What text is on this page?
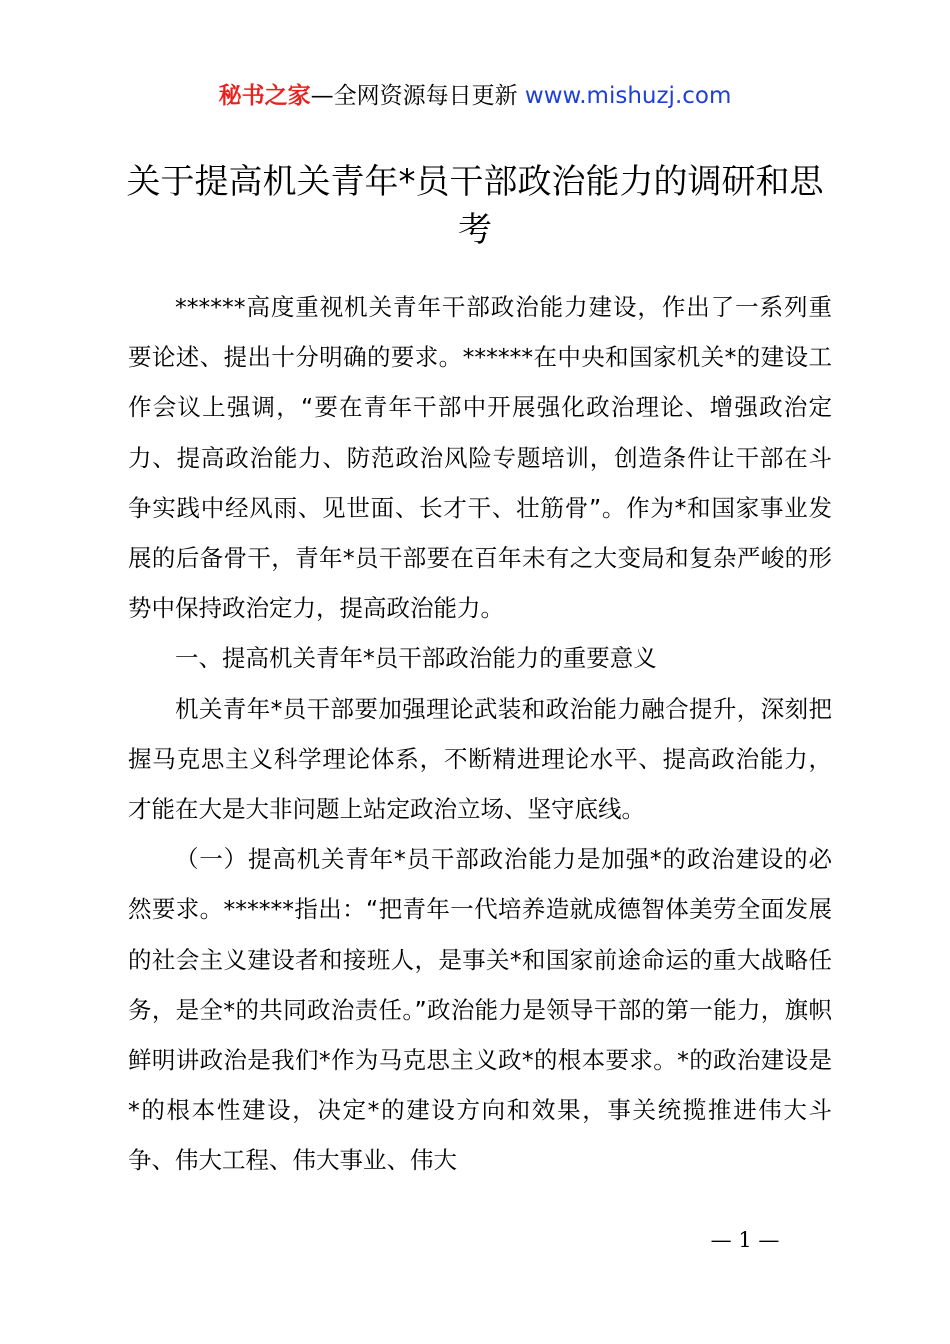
秘书之家—全网资源每日更新 www.mishuzj.com
关于提高机关青年*员干部政治能力的调研和思考

******高度重视机关青年干部政治能力建设，作出了一系列重要论述、提出十分明确的要求。******在中央和国家机关*的建设工作会议上强调，“要在青年干部中开展强化政治理论、增强政治定力、提高政治能力、防范政治风险专题培训，创造条件让干部在斗争实践中经风雨、见世面、长才干、壮筋骨”。作为*和国家事业发展的后备骨干，青年*员干部要在百年未有之大变局和复杂严峻的形势中保持政治定力，提高政治能力。

一、提高机关青年*员干部政治能力的重要意义

机关青年*员干部要加强理论武装和政治能力融合提升，深刻把握马克思主义科学理论体系，不断精进理论水平、提高政治能力，才能在大是大非问题上站定政治立场、坚守底线。

（一）提高机关青年*员干部政治能力是加强*的政治建设的必然要求。******指出：“把青年一代培养造就成德智体美劳全面发展的社会主义建设者和接班人，是事关*和国家前途命运的重大战略任务，是全*的共同政治责任。”政治能力是领导干部的第一能力，旗帜鲜明讲政治是我们*作为马克思主义政*的根本要求。*的政治建设是*的根本性建设，决定*的建设方向和效果，事关统揽推进伟大斗争、伟大工程、伟大事业、伟大

— 1 —
